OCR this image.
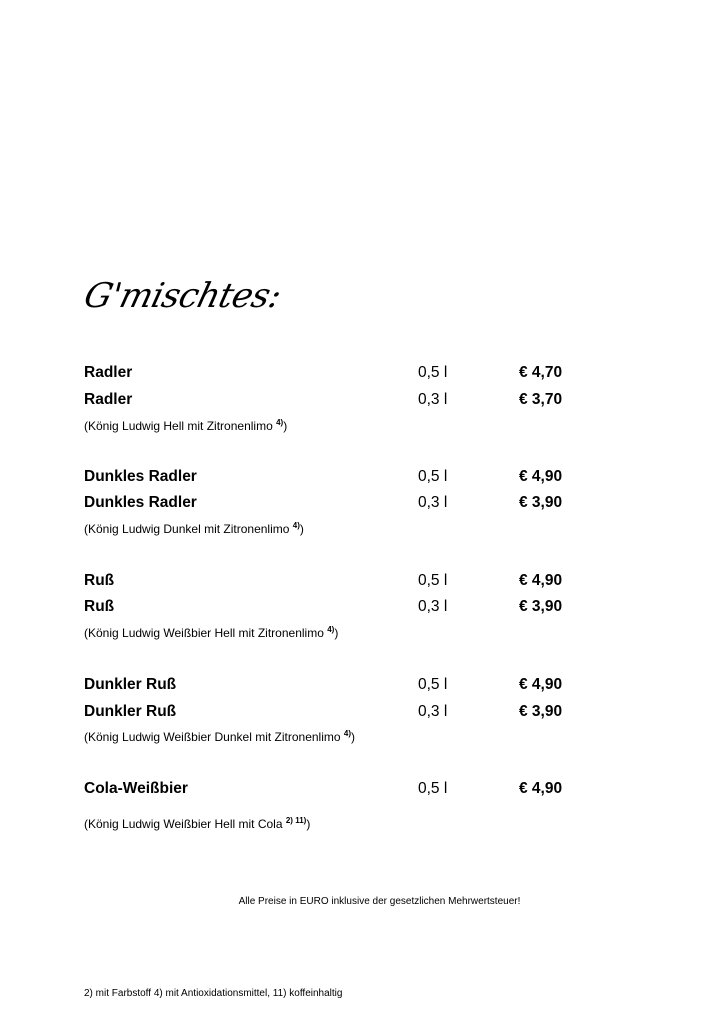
G'mischtes:
Radler	0,5 l	€ 4,70
Radler	0,3 l	€ 3,70
(König Ludwig Hell mit Zitronenlimo $^{4)}$)
Dunkles Radler	0,5 l	€ 4,90
Dunkles Radler	0,3 l	€ 3,90
(König Ludwig Dunkel mit Zitronenlimo $^{4)}$)
Ruß	0,5 l	€ 4,90
Ruß	0,3 l	€ 3,90
(König Ludwig Weißbier Hell mit Zitronenlimo $^{4)}$)
Dunkler Ruß	0,5 l	€ 4,90
Dunkler Ruß	0,3 l	€ 3,90
(König Ludwig Weißbier Dunkel mit Zitronenlimo $^{4)}$)
Cola-Weißbier	0,5 l	€ 4,90
(König Ludwig Weißbier Hell mit Cola $^{2) 11)}$)
Alle Preise in EURO inklusive der gesetzlichen Mehrwertsteuer!
2) mit Farbstoff 4) mit Antioxidationsmittel, 11) koffeinhaltig
